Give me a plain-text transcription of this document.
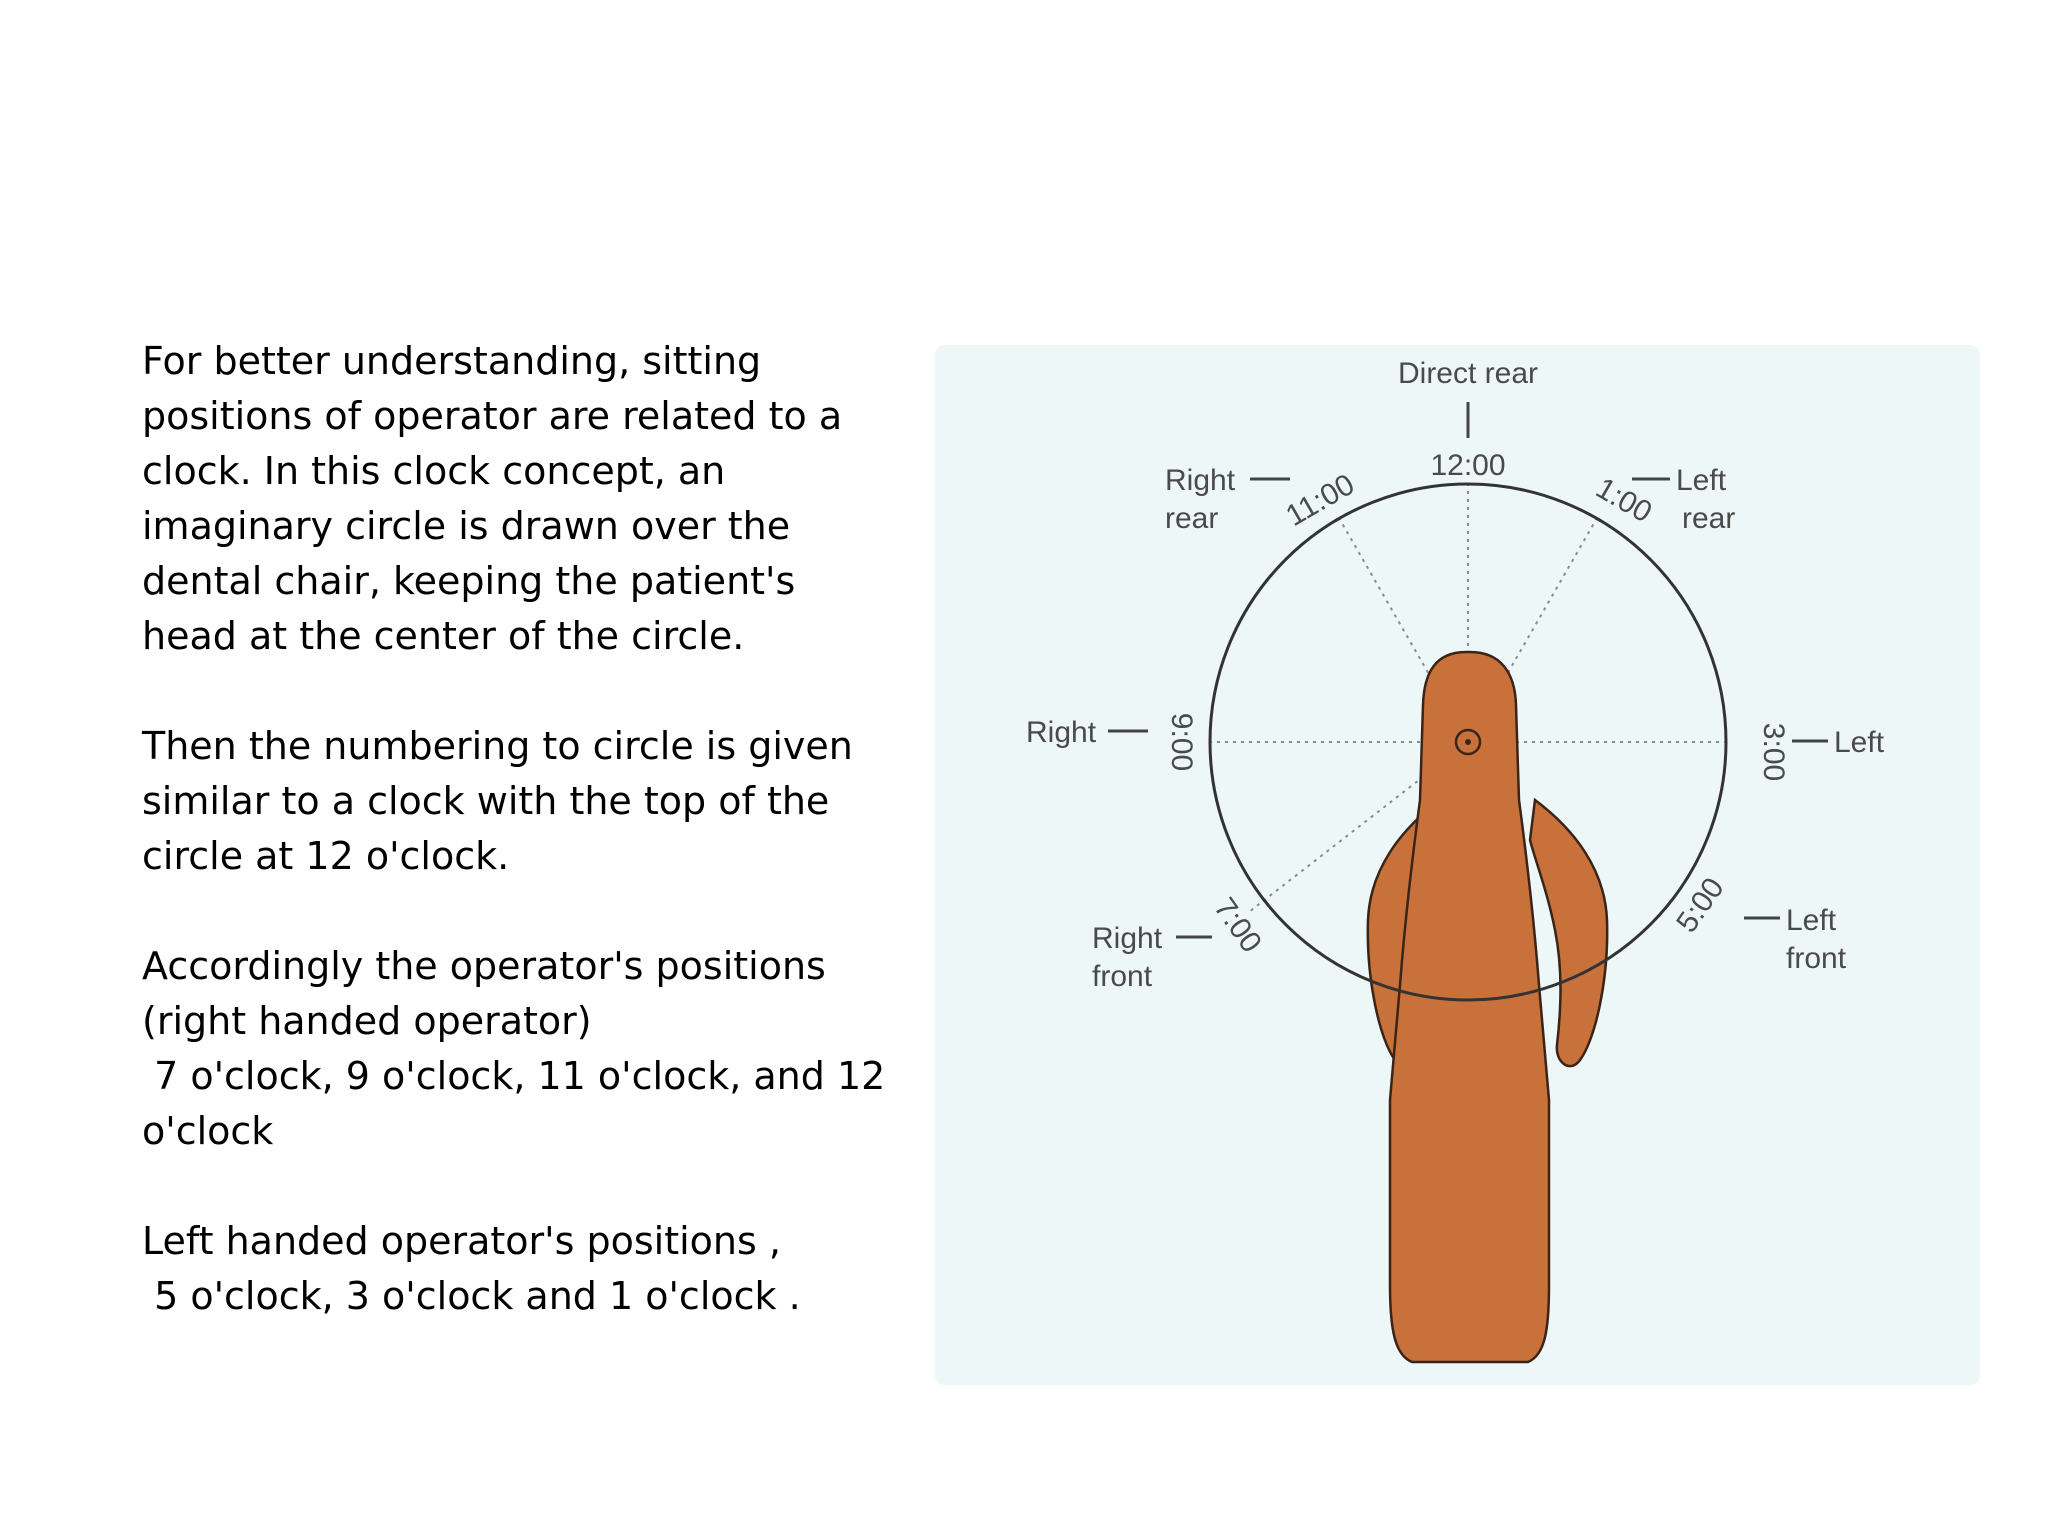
For better understanding, sitting
positions of operator are related to a
clock. In this clock concept, an
imaginary circle is drawn over the
dental chair, keeping the patient's
head at the center of the circle.

Then the numbering to circle is given
similar to a clock with the top of the
circle at 12 o'clock.

Accordingly the operator's positions
(right handed operator)
7 o'clock, 9 o'clock, 11 o'clock, and 12
o'clock

Left handed operator's positions ,
5 o'clock, 3 o'clock and 1 o'clock .

Direct rear
12:00
11:00	1:00
9:00	3:00
7:00	5:00
Right
rear
Left
rear
Right	Left
Right
front
Left
front
